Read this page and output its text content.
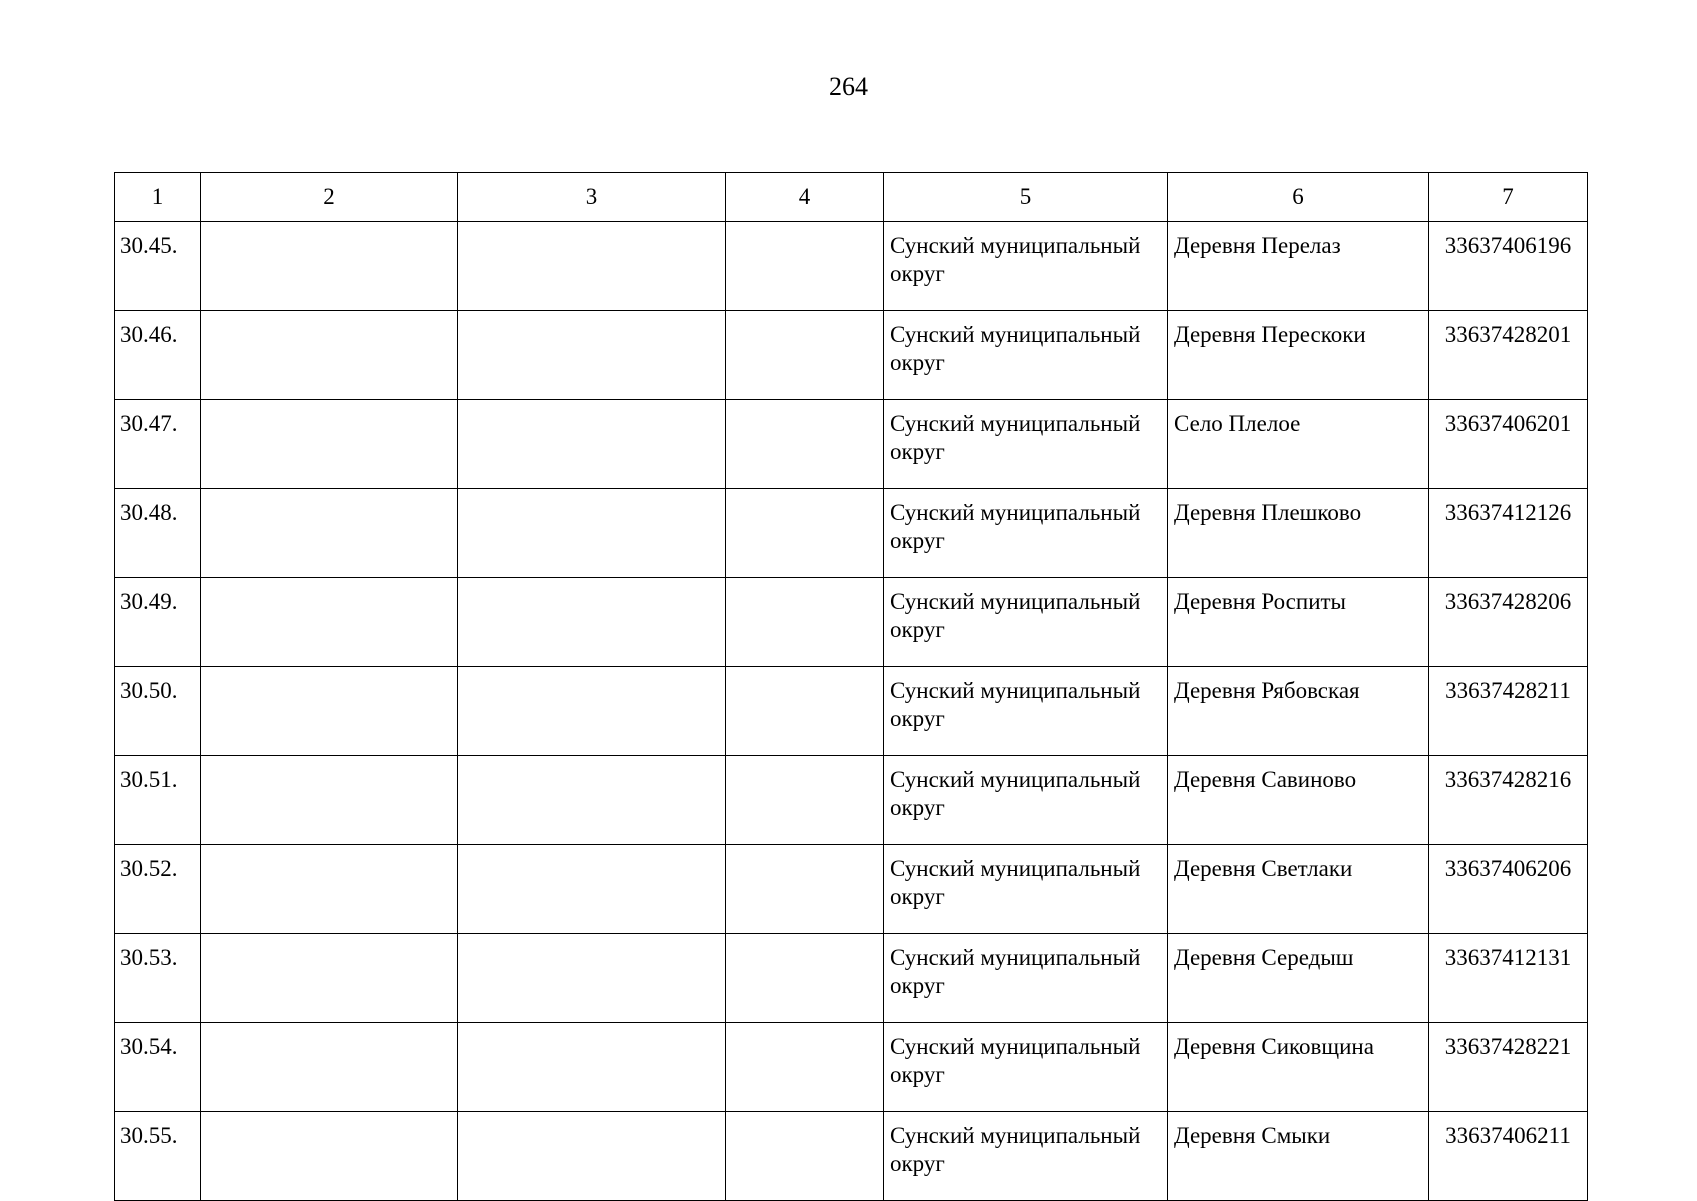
264
1	2	3	4	5	6	7
30.45.				Сунский муниципальный округ	Деревня Перелаз	33637406196
30.46.				Сунский муниципальный округ	Деревня Перескоки	33637428201
30.47.				Сунский муниципальный округ	Село Плелое	33637406201
30.48.				Сунский муниципальный округ	Деревня Плешково	33637412126
30.49.				Сунский муниципальный округ	Деревня Роспиты	33637428206
30.50.				Сунский муниципальный округ	Деревня Рябовская	33637428211
30.51.				Сунский муниципальный округ	Деревня Савиново	33637428216
30.52.				Сунский муниципальный округ	Деревня Светлаки	33637406206
30.53.				Сунский муниципальный округ	Деревня Середыш	33637412131
30.54.				Сунский муниципальный округ	Деревня Сиковщина	33637428221
30.55.				Сунский муниципальный округ	Деревня Смыки	33637406211
